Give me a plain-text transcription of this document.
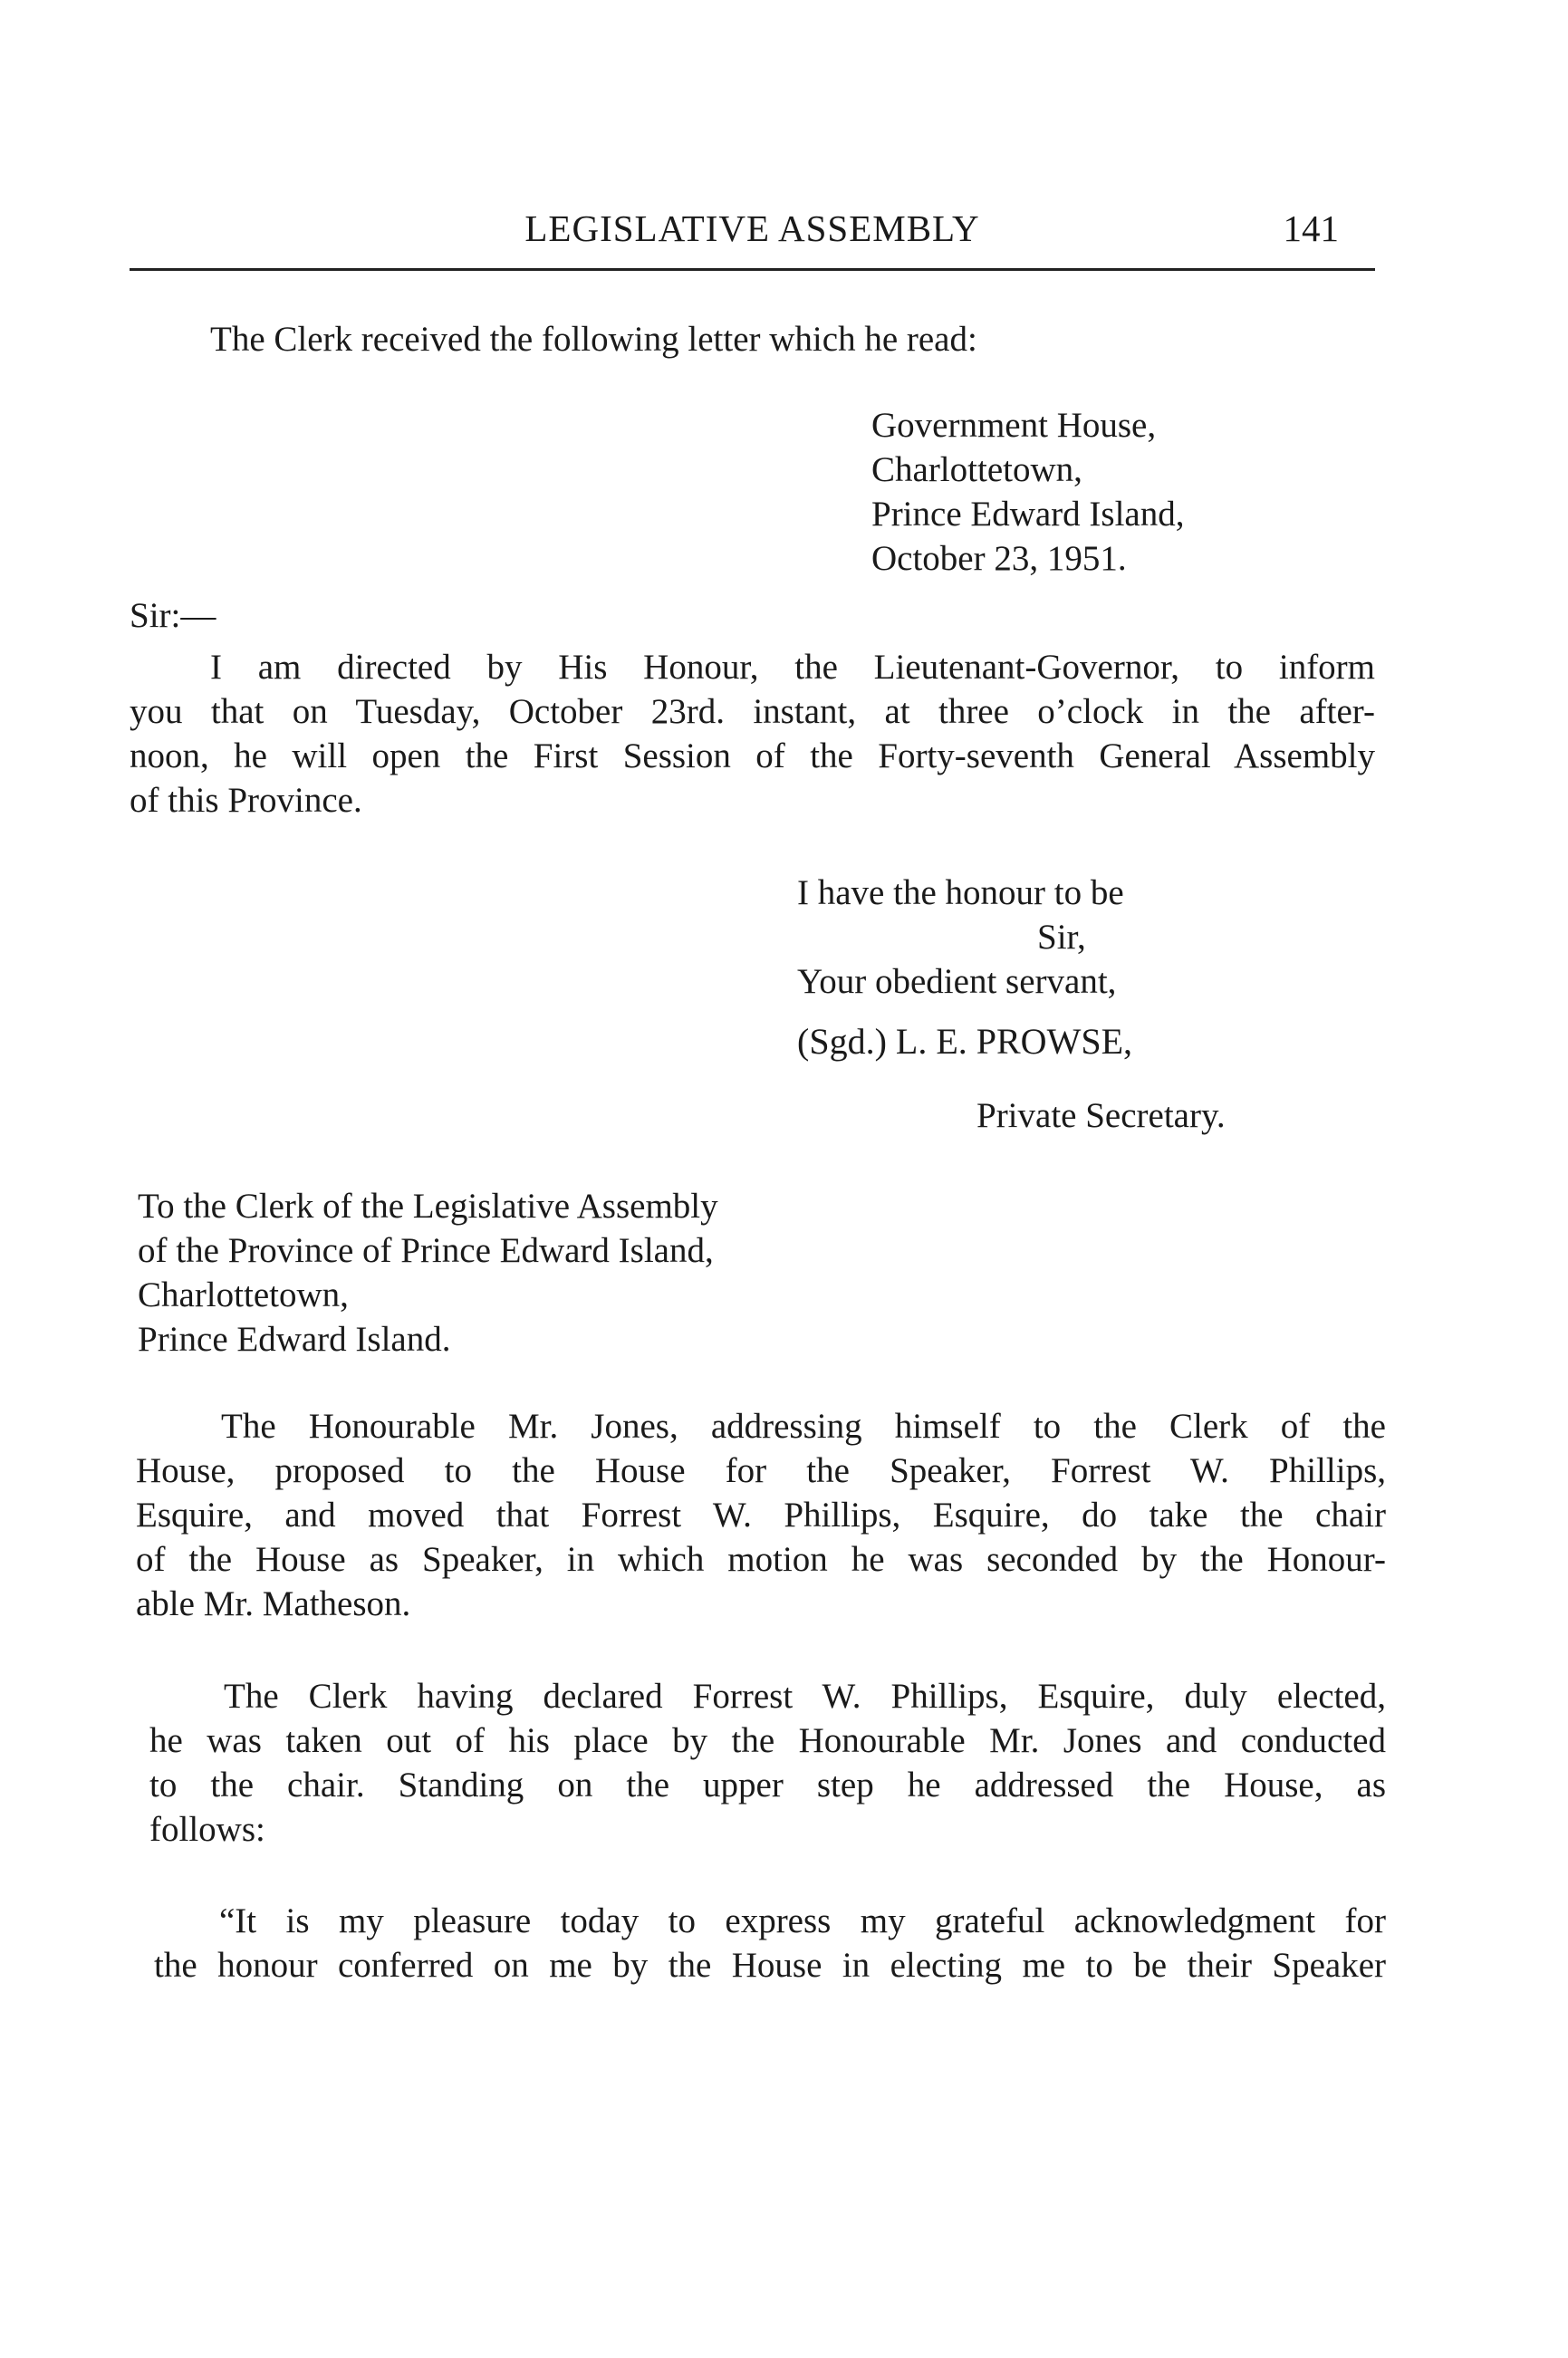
LEGISLATIVE ASSEMBLY	141
The Clerk received the following letter which he read:
Government House,
Charlottetown,
Prince Edward Island,
October 23, 1951.
Sir:—
I am directed by His Honour, the Lieutenant-Governor, to inform
you that on Tuesday, October 23rd. instant, at three o’clock in the after-
noon, he will open the First Session of the Forty-seventh General Assembly
of this Province.
I have the honour to be
Sir,
Your obedient servant,
(Sgd.) L. E. PROWSE,
Private Secretary.
To the Clerk of the Legislative Assembly
of the Province of Prince Edward Island,
Charlottetown,
Prince Edward Island.
The Honourable Mr. Jones, addressing himself to the Clerk of the
House, proposed to the House for the Speaker, Forrest W. Phillips,
Esquire, and moved that Forrest W. Phillips, Esquire, do take the chair
of the House as Speaker, in which motion he was seconded by the Honour-
able Mr. Matheson.
The Clerk having declared Forrest W. Phillips, Esquire, duly elected,
he was taken out of his place by the Honourable Mr. Jones and conducted
to the chair. Standing on the upper step he addressed the House, as
follows:
“It is my pleasure today to express my grateful acknowledgment for
the honour conferred on me by the House in electing me to be their Speaker
